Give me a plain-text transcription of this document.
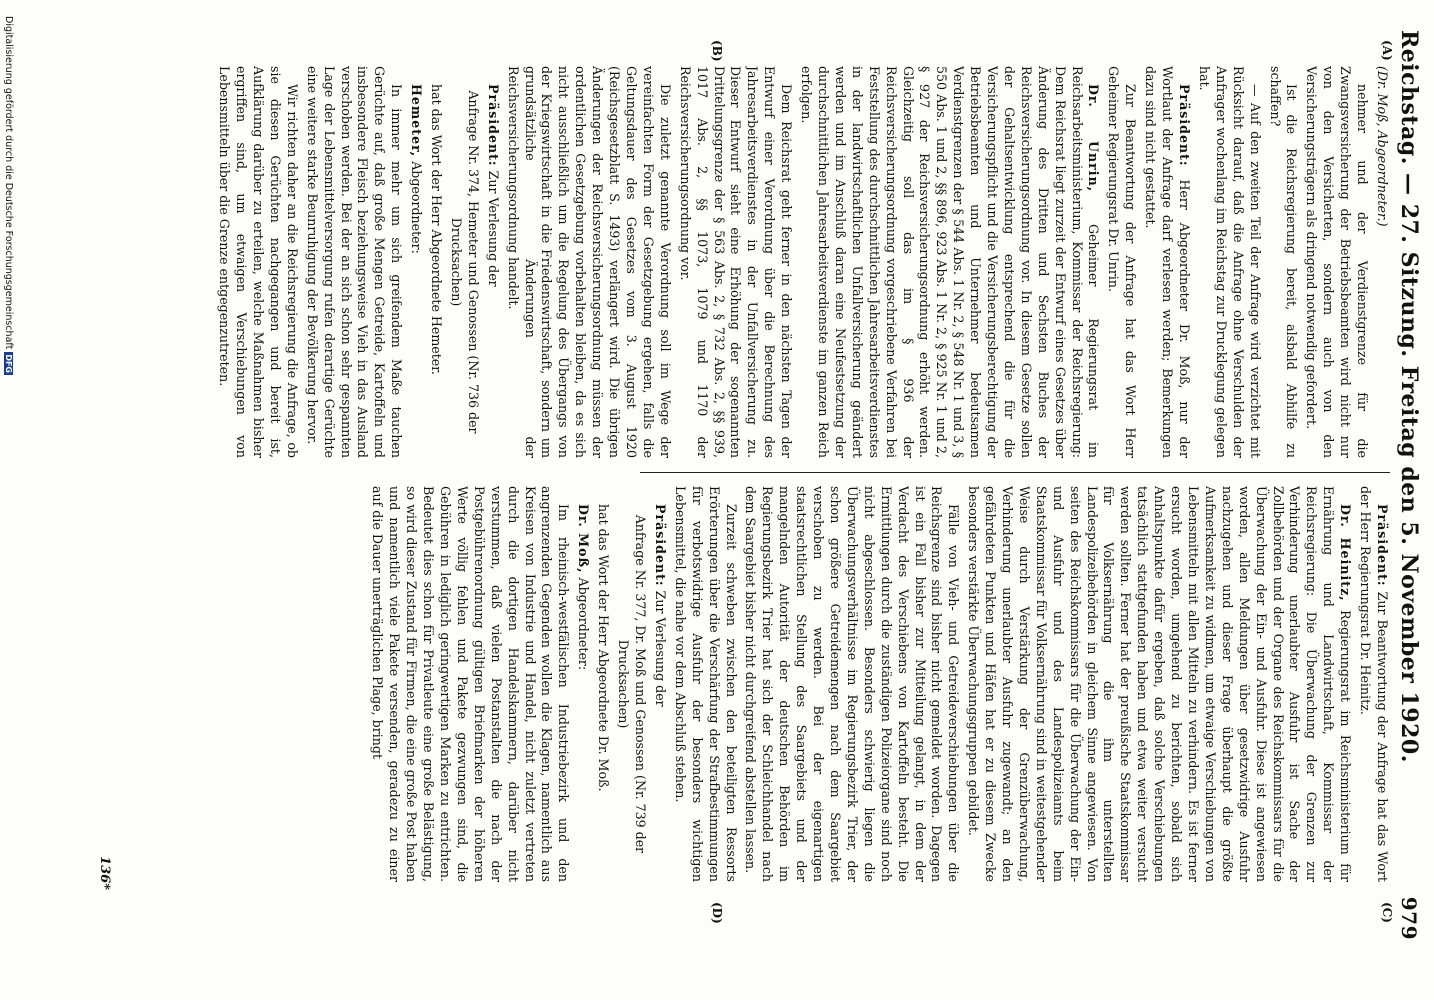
Reichstag. — 27. Sitzung. Freitag den 5. November 1920.
979
(A)
(B)
(C)
(D)

(Dr. Moß, Abgeordneter.)

nehmer und der Verdienstgrenze für die Zwangsversicherung der Betriebsbeamten wird nicht nur von den Versicherten, sondern auch von den Versicherungsträgern als dringend notwendig gefordert.

Ist die Reichsregierung bereit, alsbald Abhilfe zu schaffen?

— Auf den zweiten Teil der Anfrage wird verzichtet mit Rücksicht darauf, daß die Anfrage ohne Verschulden der Anfrager wochenlang im Reichstag zur Drucklegung gelegen hat.

Präsident: Herr Abgeordneter Dr. Moß, nur der Wortlaut der Anfrage darf verlesen werden; Bemerkungen dazu sind nicht gestattet.

Zur Beantwortung der Anfrage hat das Wort Herr Geheimer Regierungsrat Dr. Unrin.

Dr. Unrin, Geheimer Regierungsrat im Reichsarbeitsministerium, Kommissar der Reichsregierung: Dem Reichsrat liegt zurzeit der Entwurf eines Gesetzes über Änderung des Dritten und Sechsten Buches der Reichsversicherungsordnung vor. In diesem Gesetze sollen der Gehaltsentwicklung entsprechend die für die Versicherungspflicht und die Versicherungsberechtigung der Betriebsbeamten und Unternehmer bedeutsamen Verdienstgrenzen der § 544 Abs. 1 Nr. 2, § 548 Nr. 1 und 3, § 550 Abs. 1 und 2, §§ 896, 923 Abs. 1 Nr. 2, § 925 Nr. 1 und 2, § 927 der Reichsversicherungsordnung erhöht werden. Gleichzeitig soll das im § 936 der Reichsversicherungsordnung vorgeschriebene Verfahren bei Feststellung des durchschnittlichen Jahresarbeitsverdienstes in der landwirtschaftlichen Unfallversicherung geändert werden und im Anschluß daran eine Neufestsetzung der durchschnittlichen Jahresarbeitsverdienste im ganzen Reich erfolgen.

Dem Reichsrat geht ferner in den nächsten Tagen der Entwurf einer Verordnung über die Berechnung des Jahresarbeitsverdienstes in der Unfallversicherung zu. Dieser Entwurf sieht eine Erhöhung der sogenannten Drittelungsgrenze der § 563 Abs. 2, § 732 Abs. 2, §§ 939, 1017 Abs. 2, §§ 1073, 1079 und 1170 der Reichsversicherungsordnung vor.

Die zuletzt genannte Verordnung soll im Wege der vereinfachten Form der Gesetzgebung ergehen, falls die Geltungsdauer des Gesetzes vom 3. August 1920 (Reichsgesetzblatt S. 1493) verlängert wird. Die übrigen Änderungen der Reichsversicherungsordnung müssen der ordentlichen Gesetzgebung vorbehalten bleiben, da es sich nicht ausschließlich um die Regelung des Übergangs von der Kriegswirtschaft in die Friedenswirtschaft, sondern um grundsätzliche Änderungen der Reichsversicherungsordnung handelt.

Präsident: Zur Verlesung der

Anfrage Nr. 374, Hemeter und Genossen (Nr. 736 der Drucksachen)

hat das Wort der Herr Abgeordnete Hemeter.

Hemeter, Abgeordneter:

In immer mehr um sich greifendem Maße tauchen Gerüchte auf, daß große Mengen Getreide, Kartoffeln und insbesondere Fleisch beziehungsweise Vieh in das Ausland verschoben werden. Bei der an sich schon sehr gespannten Lage der Lebensmittelversorgung rufen derartige Gerüchte eine weitere starke Beunruhigung der Bevölkerung hervor.

Wir richten daher an die Reichsregierung die Anfrage, ob sie diesen Gerüchten nachgegangen und bereit ist, Aufklärung darüber zu erteilen, welche Maßnahmen bisher ergriffen sind, um etwaigen Verschiebungen von Lebensmitteln über die Grenze entgegenzutreten.

Präsident: Zur Beantwortung der Anfrage hat das Wort der Herr Regierungsrat Dr. Heinitz.

Dr. Heinitz, Regierungsrat im Reichsministerium für Ernährung und Landwirtschaft, Kommissar der Reichsregierung: Die Überwachung der Grenzen zur Verhinderung unerlaubter Ausfuhr ist Sache der Zollbehörden und der Organe des Reichskommissars für die Überwachung der Ein- und Ausfuhr. Diese ist angewiesen worden, allen Meldungen über gesetzwidrige Ausfuhr nachzugehen und dieser Frage überhaupt die größte Aufmerksamkeit zu widmen, um etwaige Verschiebungen von Lebensmitteln mit allen Mitteln zu verhindern. Es ist ferner ersucht worden, umgehend zu berichten, sobald sich Anhaltspunkte dafür ergeben, daß solche Verschiebungen tatsächlich stattgefunden haben und etwa weiter versucht werden sollten. Ferner hat der preußische Staatskommissar für Volksernährung die ihm unterstellten Landespolizeibehörden in gleichem Sinne angewiesen. Von seiten des Reichskommissars für die Überwachung der Ein- und Ausfuhr und des Landespolizeiamts beim Staatskommissar für Volksernährung sind in weitestgehender Weise durch Verstärkung der Grenzüberwachung, Verhinderung unerlaubter Ausfuhr zugewandt; an den gefährdeten Punkten und Häfen hat er zu diesem Zwecke besonders verstärkte Überwachungsgruppen gebildet.

Fälle von Vieh- und Getreideverschiebungen über die Reichsgrenze sind bisher nicht gemeldet worden. Dagegen ist ein Fall bisher zur Mitteilung gelangt, in dem der Verdacht des Verschiebens von Kartoffeln besteht. Die Ermittlungen durch die zuständigen Polizeiorgane sind noch nicht abgeschlossen. Besonders schwierig liegen die Überwachungsverhältnisse im Regierungsbezirk Trier, der schon größere Getreidemengen nach dem Saargebiet verschoben zu werden. Bei der eigenartigen staatsrechtlichen Stellung des Saargebiets und der mangelnden Autorität der deutschen Behörden im Regierungsbezirk Trier hat sich der Schleichhandel nach dem Saargebiet bisher nicht durchgreifend abstellen lassen.

Zurzeit schweben zwischen den beteiligten Ressorts Erörterungen über die Verschärfung der Strafbestimmungen für verbotswidrige Ausfuhr der besonders wichtigen Lebensmittel, die nahe vor dem Abschluß stehen.

Präsident: Zur Verlesung der

Anfrage Nr. 377, Dr. Moß und Genossen (Nr. 739 der Drucksachen)

hat das Wort der Herr Abgeordnete Dr. Moß.

Dr. Moß, Abgeordneter:

Im rheinisch-westfälischen Industriebezirk und den angrenzenden Gegenden wollen die Klagen, namentlich aus Kreisen von Industrie und Handel, nicht zuletzt vertreten durch die dortigen Handelskammern, darüber nicht verstummen, daß vielen Postanstalten die nach der Postgebührenordnung gültigen Briefmarken der höheren Werte völlig fehlen und Pakete gezwungen sind, die Gebühren in lediglich geringwertigen Marken zu entrichten. Bedeutet dies schon für Privatleute eine große Belästigung, so wird dieser Zustand für Firmen, die eine große Post haben und namentlich viele Pakete versenden, geradezu zu einer auf die Dauer unerträglichen Plage, bringt

136*
Digitalisierung gefördert durch die Deutsche ForschungsgemeinschaftDFG
